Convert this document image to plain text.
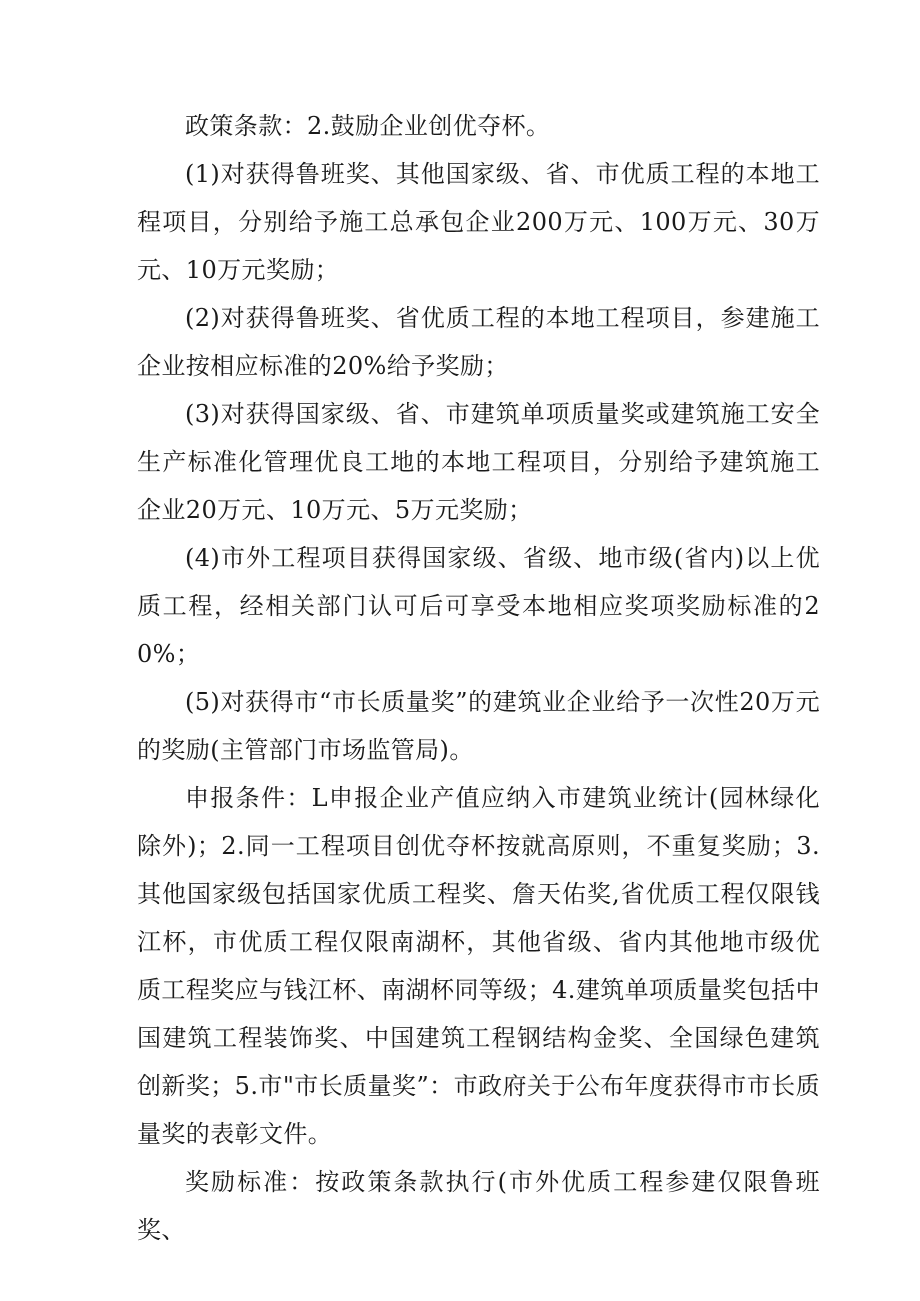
政策条款：2.鼓励企业创优夺杯。

(1)对获得鲁班奖、其他国家级、省、市优质工程的本地工程项目，分别给予施工总承包企业200万元、100万元、30万元、10万元奖励；

(2)对获得鲁班奖、省优质工程的本地工程项目，参建施工企业按相应标准的20%给予奖励；

(3)对获得国家级、省、市建筑单项质量奖或建筑施工安全生产标准化管理优良工地的本地工程项目，分别给予建筑施工企业20万元、10万元、5万元奖励；

(4)市外工程项目获得国家级、省级、地市级(省内)以上优质工程，经相关部门认可后可享受本地相应奖项奖励标准的20%；

(5)对获得市“市长质量奖”的建筑业企业给予一次性20万元的奖励(主管部门市场监管局)。

申报条件：L申报企业产值应纳入市建筑业统计(园林绿化除外)；2.同一工程项目创优夺杯按就高原则，不重复奖励；3.其他国家级包括国家优质工程奖、詹天佑奖,省优质工程仅限钱江杯，市优质工程仅限南湖杯，其他省级、省内其他地市级优质工程奖应与钱江杯、南湖杯同等级；4.建筑单项质量奖包括中国建筑工程装饰奖、中国建筑工程钢结构金奖、全国绿色建筑创新奖；5.市"市长质量奖”：市政府关于公布年度获得市市长质量奖的表彰文件。

奖励标准：按政策条款执行(市外优质工程参建仅限鲁班奖、
